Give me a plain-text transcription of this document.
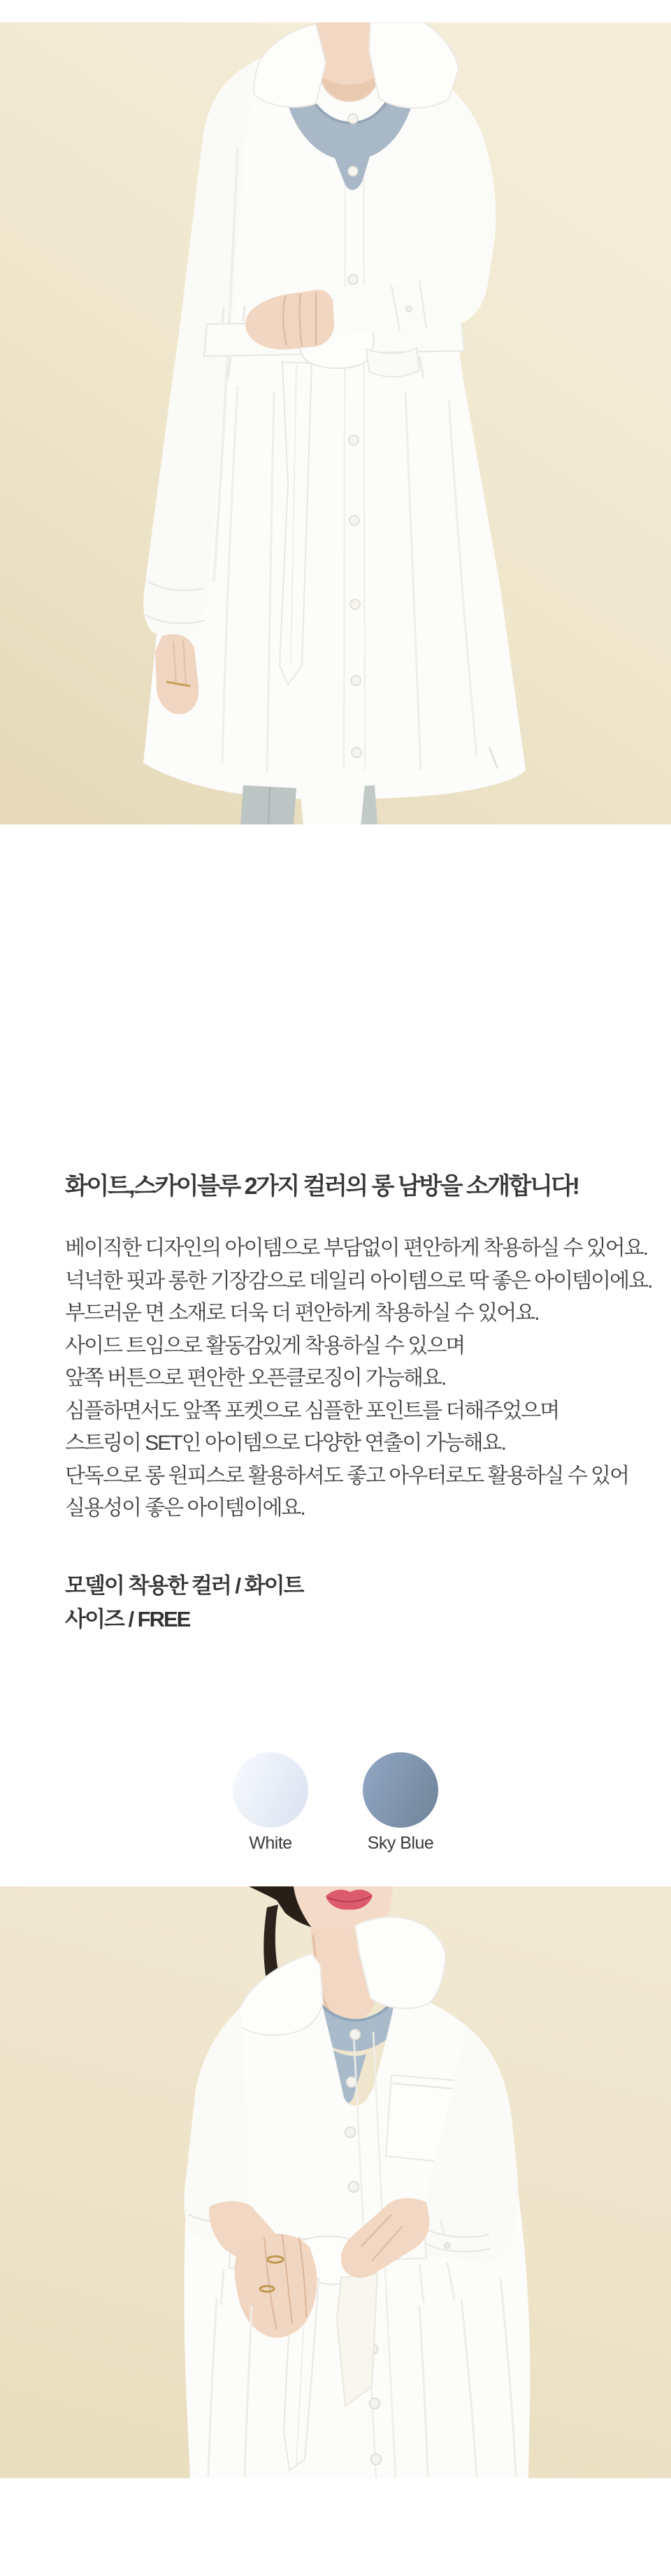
화이트,스카이블루 2가지 컬러의 롱 남방을 소개합니다!
베이직한 디자인의 아이템으로 부담없이 편안하게 착용하실 수 있어요.
넉넉한 핏과 롱한 기장감으로 데일리 아이템으로 딱 좋은 아이템이에요.
부드러운 면 소재로 더욱 더 편안하게 착용하실 수 있어요.
사이드 트임으로 활동감있게 착용하실 수 있으며
앞쪽 버튼으로 편안한 오픈클로징이 가능해요.
심플하면서도 앞쪽 포켓으로 심플한 포인트를 더해주었으며
스트링이 SET인 아이템으로 다양한 연출이 가능해요.
단독으로 롱 원피스로 활용하셔도 좋고 아우터로도 활용하실 수 있어
실용성이 좋은 아이템이에요.
모델이 착용한 컬러 / 화이트
사이즈 / FREE
White	Sky Blue
